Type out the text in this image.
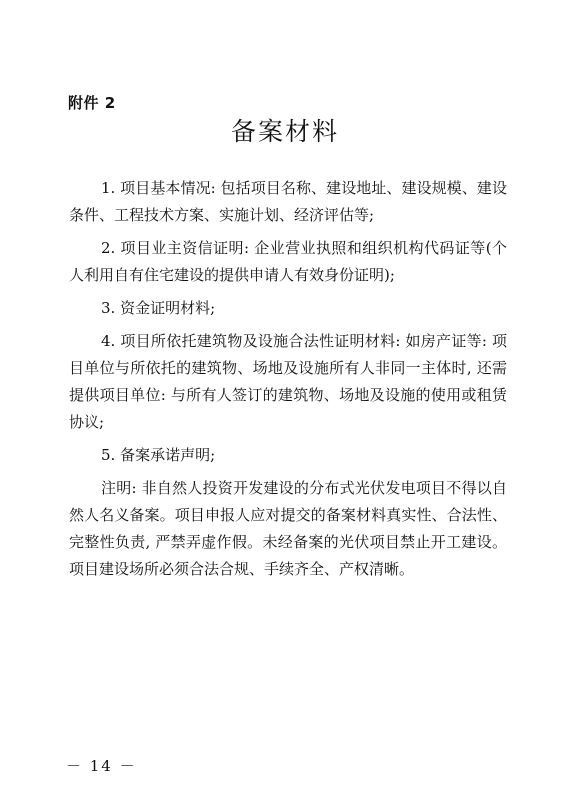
附件 2
备案材料

1. 项目基本情况: 包括项目名称、建设地址、建设规模、建设条件、工程技术方案、实施计划、经济评估等;

2. 项目业主资信证明: 企业营业执照和组织机构代码证等(个人利用自有住宅建设的提供申请人有效身份证明);

3. 资金证明材料;

4. 项目所依托建筑物及设施合法性证明材料: 如房产证等: 项目单位与所依托的建筑物、场地及设施所有人非同一主体时, 还需提供项目单位: 与所有人签订的建筑物、场地及设施的使用或租赁协议;

5. 备案承诺声明;

注明: 非自然人投资开发建设的分布式光伏发电项目不得以自然人名义备案。项目申报人应对提交的备案材料真实性、合法性、完整性负责, 严禁弄虚作假。未经备案的光伏项目禁止开工建设。项目建设场所必须合法合规、手续齐全、产权清晰。

－ 14 －
